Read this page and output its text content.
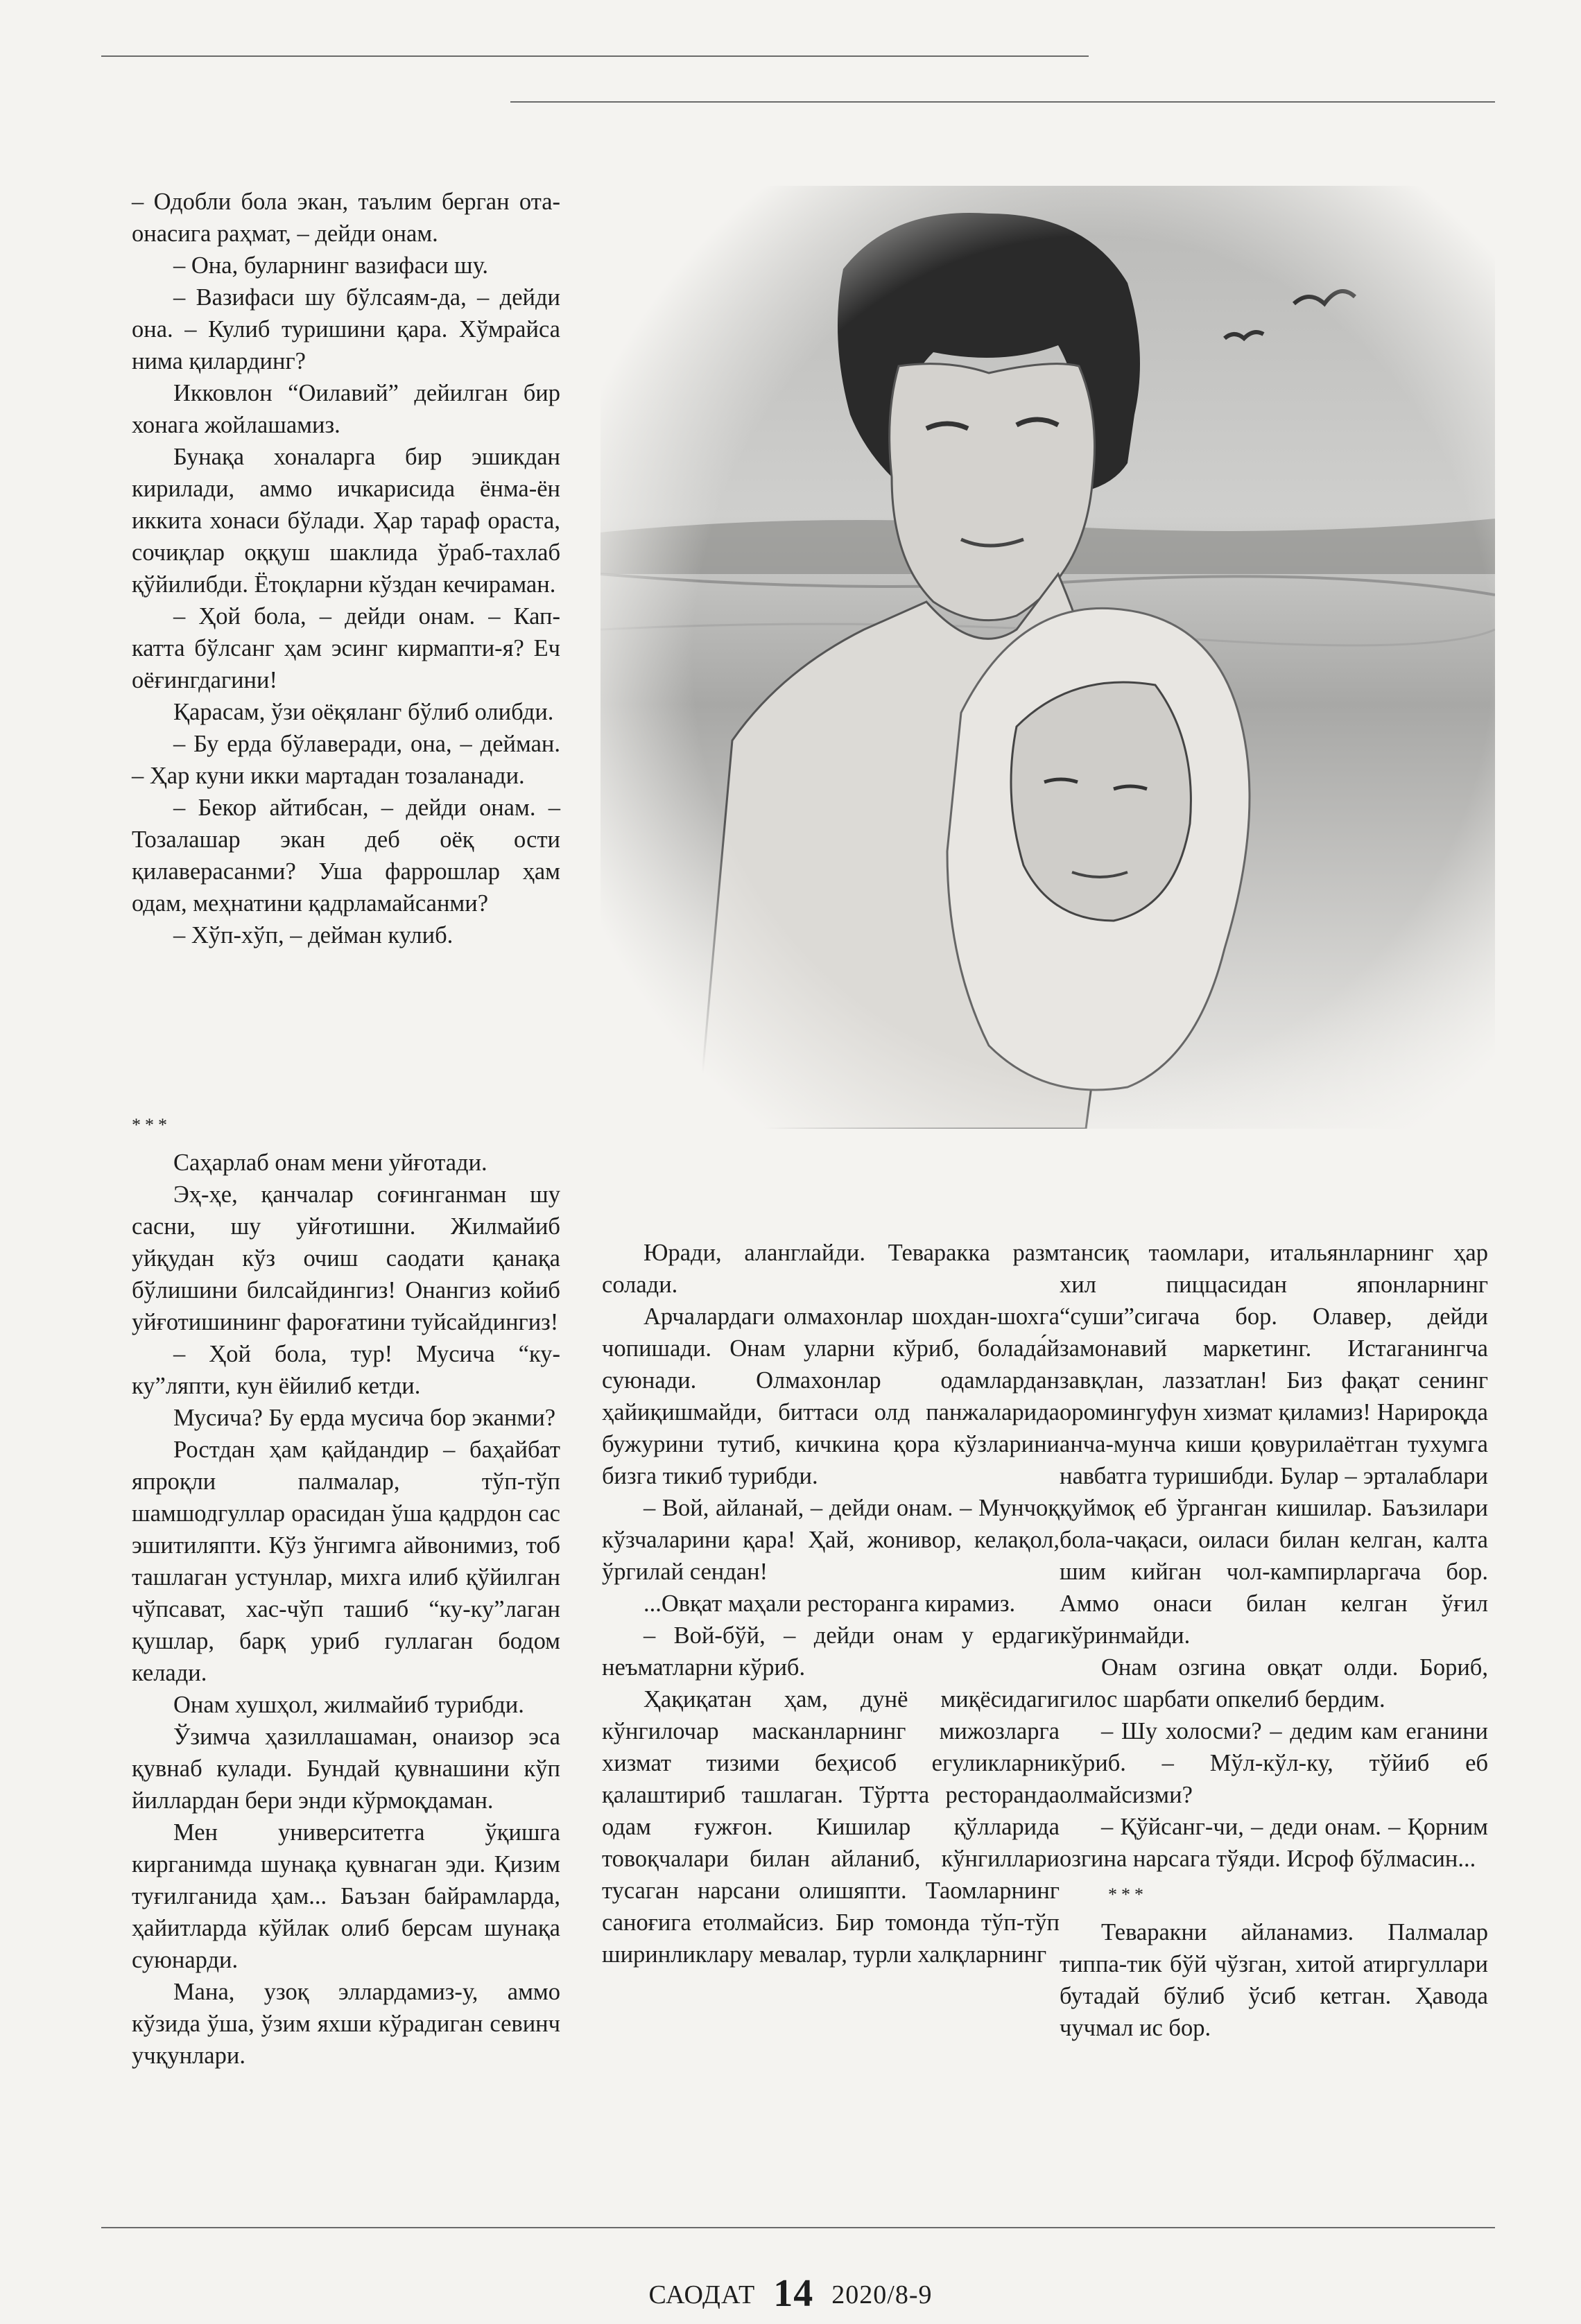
– Одобли бола экан, таълим берган ота-онасига раҳмат, – дейди онам.

– Она, буларнинг вазифаси шу.

– Вазифаси шу бўлсаям-да, – дейди она. – Кулиб туришини қара. Хўмрайса нима қилардинг?

Икковлон “Оилавий” дейилган бир хонага жойлашамиз.

Бунақа хоналарга бир эшикдан кирилади, аммо ичкарисида ёнма-ён иккита хонаси бўлади. Ҳар тараф ораста, сочиқлар оққуш шаклида ўраб-тахлаб қўйилибди. Ётоқларни кўздан кечираман.

– Ҳой бола, – дейди онам. – Кап-катта бўлсанг ҳам эсинг кирмапти-я? Еч оёғингдагини!

Қарасам, ўзи оёқяланг бўлиб олибди.

– Бу ерда бўлаверади, она, – дейман. – Ҳар куни икки мартадан тозаланади.

– Бекор айтибсан, – дейди онам. – Тозалашар экан деб оёқ ости қилаверасанми? Уша фаррошлар ҳам одам, меҳнатини қадрламайсанми?

– Хўп-хўп, – дейман кулиб.

***

Саҳарлаб онам мени уйғотади.

Эҳ-ҳе, қанчалар соғинганман шу сасни, шу уйғотишни. Жилмайиб уйқудан кўз очиш саодати қанақа бўлишини билсайдингиз! Онангиз койиб уйғотишининг фароғатини туйсайдингиз!

– Ҳой бола, тур! Мусича “ку-ку”ляпти, кун ёйилиб кетди.

Мусича? Бу ерда мусича бор эканми?

Ростдан ҳам қайдандир – баҳайбат япроқли палмалар, тўп-тўп шамшодгуллар орасидан ўша қадрдон сас эшитиляпти. Кўз ўнгимга айвонимиз, тоб ташлаган устунлар, михга илиб қўйилган чўпсават, хас-чўп ташиб “ку-ку”лаган қушлар, барқ уриб гуллаган бодом келади.

Онам хушҳол, жилмайиб турибди.

Ўзимча ҳазиллашаман, онаизор эса қувнаб кулади. Бундай қувнашини кўп йиллардан бери энди кўрмоқдаман.

Мен университетга ўқишга кирганимда шунақа қувнаган эди. Қизим туғилганида ҳам... Баъзан байрамларда, ҳайитларда кўйлак олиб берсам шунақа суюнарди.

Мана, узоқ эллардамиз-у, аммо кўзида ўша, ўзим яхши кўрадиган севинч учқунлари.

Юради, аланглайди. Теваракка разм солади.

Арчалардаги олмахонлар шохдан-шохга чопишади. Онам уларни кўриб, болада́й суюнади. Олмахонлар одамлардан ҳайиқишмайди, биттаси олд панжаларида бужурини тутиб, кичкина қора кўзларини бизга тикиб турибди.

– Вой, айланай, – дейди онам. – Мунчоқ кўзчаларини қара! Ҳай, жонивор, келақол, ўргилай сендан!

...Овқат маҳали ресторанга кирамиз.

– Вой-бўй, – дейди онам у ердаги неъматларни кўриб.

Ҳақиқатан ҳам, дунё миқёсидаги кўнгилочар масканларнинг мижозларга хизмат тизими беҳисоб егуликларни қалаштириб ташлаган. Тўртта ресторанда одам ғужғон. Кишилар қўлларида товоқчалари билан айланиб, кўнгиллари тусаган нарсани олишяпти. Таомларнинг саноғига етолмайсиз. Бир томонда тўп-тўп ширинликлару мевалар, турли халқларнинг

тансиқ таомлари, итальянларнинг ҳар хил пиццасидан японларнинг “суши”сигача бор. Олавер, дейди замонавий маркетинг. Истаганингча завқлан, лаззатлан! Биз фақат сенинг оромингуфун хизмат қиламиз! Нарироқда анча-мунча киши қовурилаётган тухумга навбатга туришибди. Булар – эрталаблари қуймоқ еб ўрганган кишилар. Баъзилари бола-чақаси, оиласи билан келган, калта шим кийган чол-кампирларгача бор. Аммо онаси билан келган ўғил кўринмайди.

Онам озгина овқат олди. Бориб, гилос шарбати опкелиб бердим.

– Шу холосми? – дедим кам еганини кўриб. – Мўл-кўл-ку, тўйиб еб олмайсизми?

– Қўйсанг-чи, – деди онам. – Қорним озгина нарсага тўяди. Исроф бўлмасин...

***

Теваракни айланамиз. Палмалар типпа-тик бўй чўзган, хитой атиргуллари бутадай бўлиб ўсиб кетган. Ҳавода чучмал ис бор.

САОДАТ 14 2020/8-9
